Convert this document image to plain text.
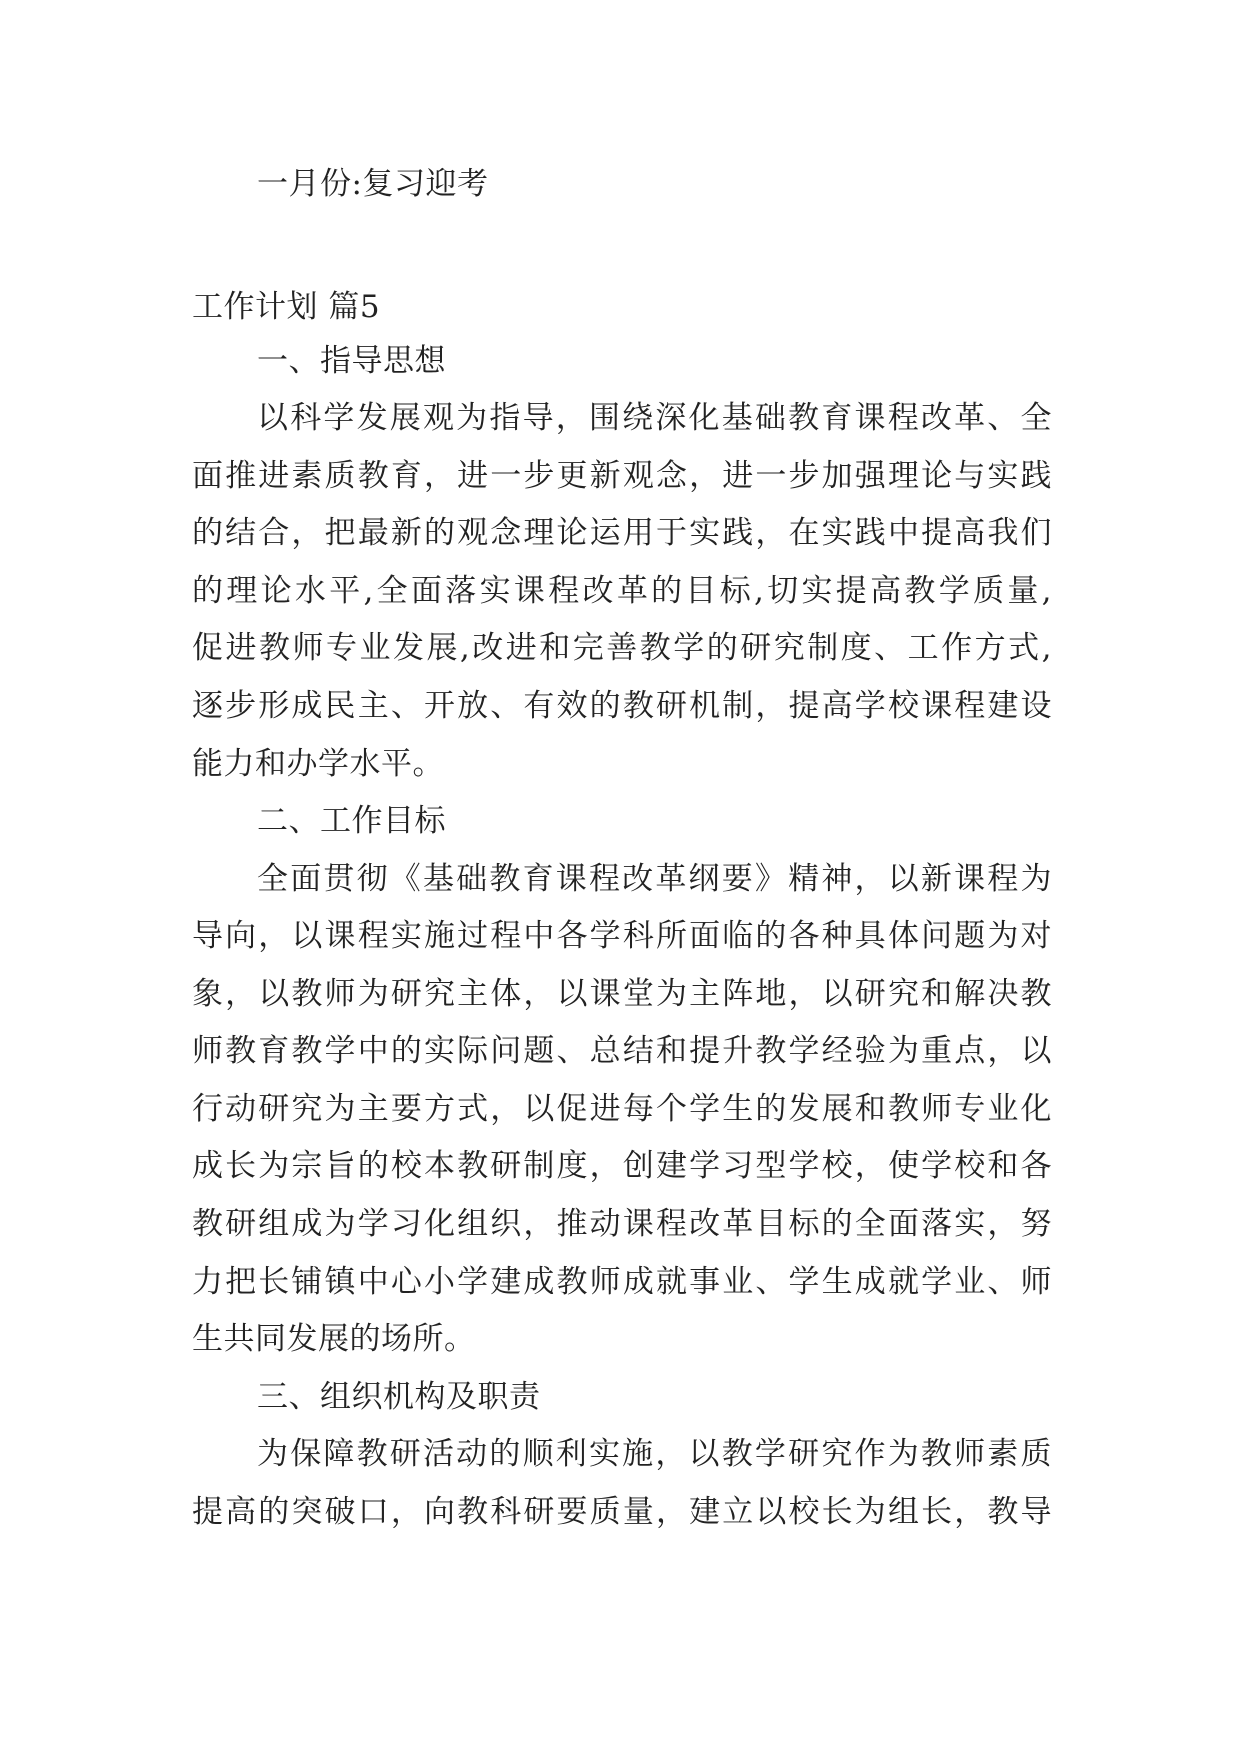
一月份:复习迎考
工作计划 篇5
一、指导思想
以科学发展观为指导，围绕深化基础教育课程改革、全
面推进素质教育，进一步更新观念，进一步加强理论与实践
的结合，把最新的观念理论运用于实践，在实践中提高我们
的理论水平,全面落实课程改革的目标,切实提高教学质量,
促进教师专业发展,改进和完善教学的研究制度、工作方式,
逐步形成民主、开放、有效的教研机制，提高学校课程建设
能力和办学水平。
二、工作目标
全面贯彻《基础教育课程改革纲要》精神，以新课程为
导向，以课程实施过程中各学科所面临的各种具体问题为对
象，以教师为研究主体，以课堂为主阵地，以研究和解决教
师教育教学中的实际问题、总结和提升教学经验为重点，以
行动研究为主要方式，以促进每个学生的发展和教师专业化
成长为宗旨的校本教研制度，创建学习型学校，使学校和各
教研组成为学习化组织，推动课程改革目标的全面落实，努
力把长铺镇中心小学建成教师成就事业、学生成就学业、师
生共同发展的场所。
三、组织机构及职责
为保障教研活动的顺利实施，以教学研究作为教师素质
提高的突破口，向教科研要质量，建立以校长为组长，教导
